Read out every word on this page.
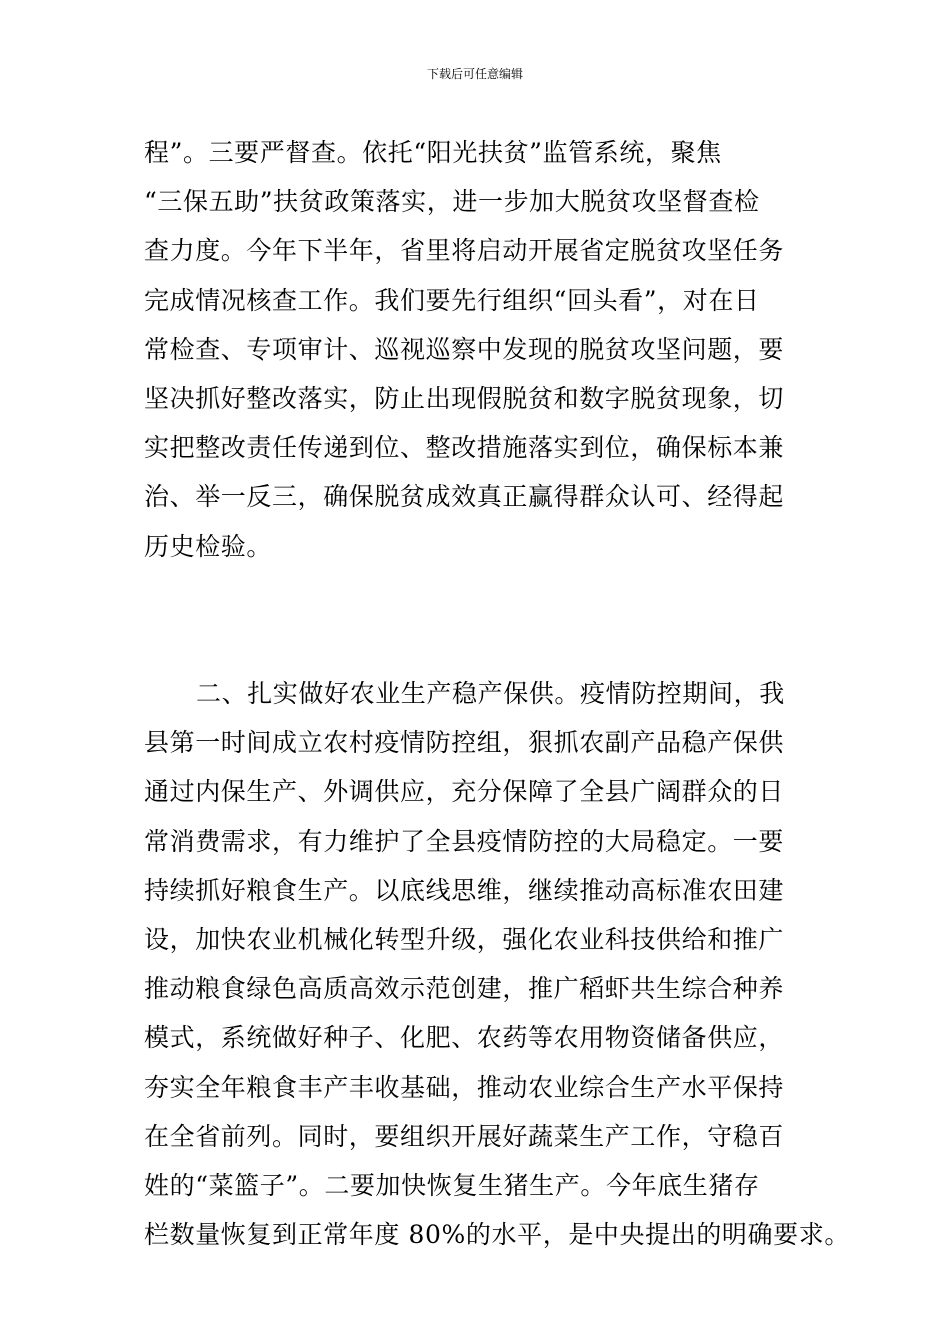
下载后可任意编辑
程”。三要严督查。依托“阳光扶贫”监管系统，聚焦
“三保五助”扶贫政策落实，进一步加大脱贫攻坚督查检
查力度。今年下半年，省里将启动开展省定脱贫攻坚任务
完成情况核查工作。我们要先行组织“回头看”，对在日
常检查、专项审计、巡视巡察中发现的脱贫攻坚问题，要
坚决抓好整改落实，防止出现假脱贫和数字脱贫现象，切
实把整改责任传递到位、整改措施落实到位，确保标本兼
治、举一反三，确保脱贫成效真正赢得群众认可、经得起
历史检验。
二、扎实做好农业生产稳产保供。疫情防控期间，我
县第一时间成立农村疫情防控组，狠抓农副产品稳产保供
通过内保生产、外调供应，充分保障了全县广阔群众的日
常消费需求，有力维护了全县疫情防控的大局稳定。一要
持续抓好粮食生产。以底线思维，继续推动高标准农田建
设，加快农业机械化转型升级，强化农业科技供给和推广
推动粮食绿色高质高效示范创建，推广稻虾共生综合种养
模式，系统做好种子、化肥、农药等农用物资储备供应，
夯实全年粮食丰产丰收基础，推动农业综合生产水平保持
在全省前列。同时，要组织开展好蔬菜生产工作，守稳百
姓的“菜篮子”。二要加快恢复生猪生产。今年底生猪存
栏数量恢复到正常年度 80%的水平，是中央提出的明确要求。
